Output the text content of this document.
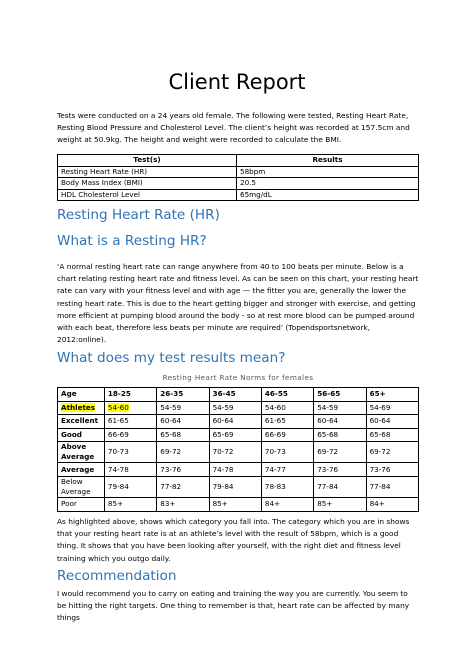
Client Report

Tests were conducted on a 24 years old female. The following were tested, Resting Heart Rate, Resting Blood Pressure and Cholesterol Level. The client’s height was recorded at 157.5cm and weight at 50.9kg. The height and weight were recorded to calculate the BMI.

Test(s)	Results
Resting Heart Rate (HR)	58bpm
Body Mass Index (BMI)	20.5
HDL Cholesterol Level	65mg/dL
Resting Heart Rate (HR)
What is a Resting HR?

‘A normal resting heart rate can range anywhere from 40 to 100 beats per minute. Below is a chart relating resting heart rate and fitness level. As can be seen on this chart, your resting heart rate can vary with your fitness level and with age — the fitter you are, generally the lower the resting heart rate. This is due to the heart getting bigger and stronger with exercise, and getting more efficient at pumping blood around the body - so at rest more blood can be pumped around with each beat, therefore less beats per minute are required’ (Topendsportsnetwork, 2012:online).

What does my test results mean?
Resting Heart Rate Norms for females
Age	18-25	26-35	36-45	46-55	56-65	65+
Athletes	54-60	54-59	54-59	54-60	54-59	54-69
Excellent	61-65	60-64	60-64	61-65	60-64	60-64
Good	66-69	65-68	65-69	66-69	65-68	65-68
Above Average	70-73	69-72	70-72	70-73	69-72	69-72
Average	74-78	73-76	74-78	74-77	73-76	73-76
Below Average	79-84	77-82	79-84	78-83	77-84	77-84
Poor	85+	83+	85+	84+	85+	84+

As highlighted above, shows which category you fall into. The category which you are in shows that your resting heart rate is at an athlete’s level with the result of 58bpm, which is a good thing. It shows that you have been looking after yourself, with the right diet and fitness level training which you outgo daily.

Recommendation

I would recommend you to carry on eating and training the way you are currently. You seem to be hitting the right targets. One thing to remember is that, heart rate can be affected by many things
